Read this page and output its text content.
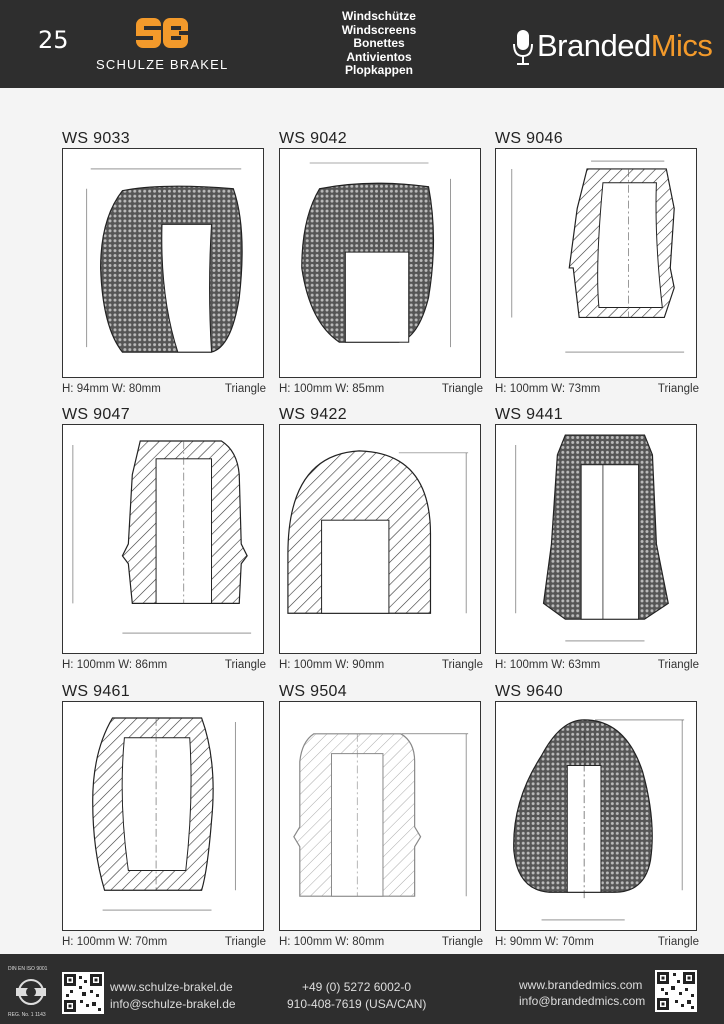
25
SCHULZE BRAKEL
Windschütze
Windscreens
Bonettes
Antivientos
Plopkappen
BrandedMics
WS 9033
H: 94mm W: 80mm	Triangle
WS 9042
H: 100mm W: 85mm	Triangle
WS 9046
H: 100mm W: 73mm	Triangle
WS 9047
H: 100mm W: 86mm	Triangle
WS 9422
H: 100mm W: 90mm	Triangle
WS 9441
H: 100mm W: 63mm	Triangle
WS 9461
H: 100mm W: 70mm	Triangle
WS 9504
H: 100mm W: 80mm	Triangle
WS 9640
H: 90mm W: 70mm	Triangle
DIN EN ISO 9001
REG. No. 1 1143
www.schulze-brakel.de
info@schulze-brakel.de
+49 (0) 5272 6002-0
910-408-7619 (USA/CAN)
www.brandedmics.com
info@brandedmics.com
